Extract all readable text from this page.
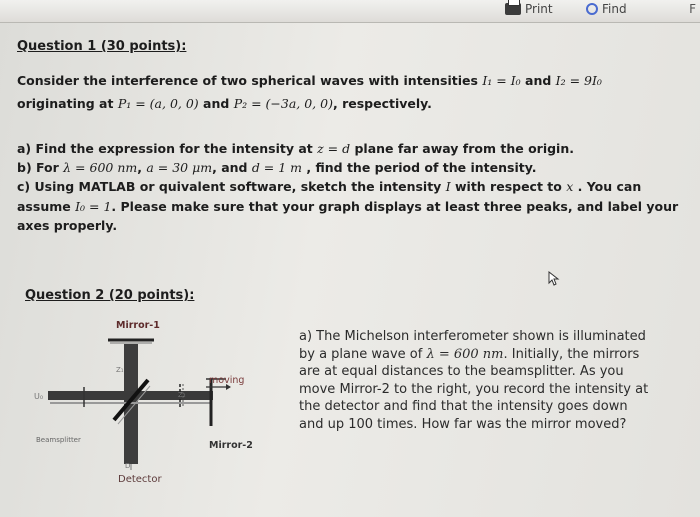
Print	Find	F
Question 1 (30 points):
Consider the interference of two spherical waves with intensities I₁ = I₀ and I₂ = 9I₀
originating at P₁ = (a, 0, 0) and P₂ = (−3a, 0, 0), respectively.
a) Find the expression for the intensity at z = d plane far away from the origin.
b) For λ = 600 nm, a = 30 μm, and d = 1 m , find the period of the intensity.
c) Using MATLAB or quivalent software, sketch the intensity I with respect to x . You can
assume I₀ = 1. Please make sure that your graph displays at least three peaks, and label your
axes properly.
Question 2 (20 points):
Mirror-1
moving
Mirror-2
U₀
Z₁
Z₂
Beamsplitter
D
Detector
a) The Michelson interferometer shown is illuminated
by a plane wave of λ = 600 nm. Initially, the mirrors
are at equal distances to the beamsplitter. As you
move Mirror-2 to the right, you record the intensity at
the detector and find that the intensity goes down
and up 100 times. How far was the mirror moved?
